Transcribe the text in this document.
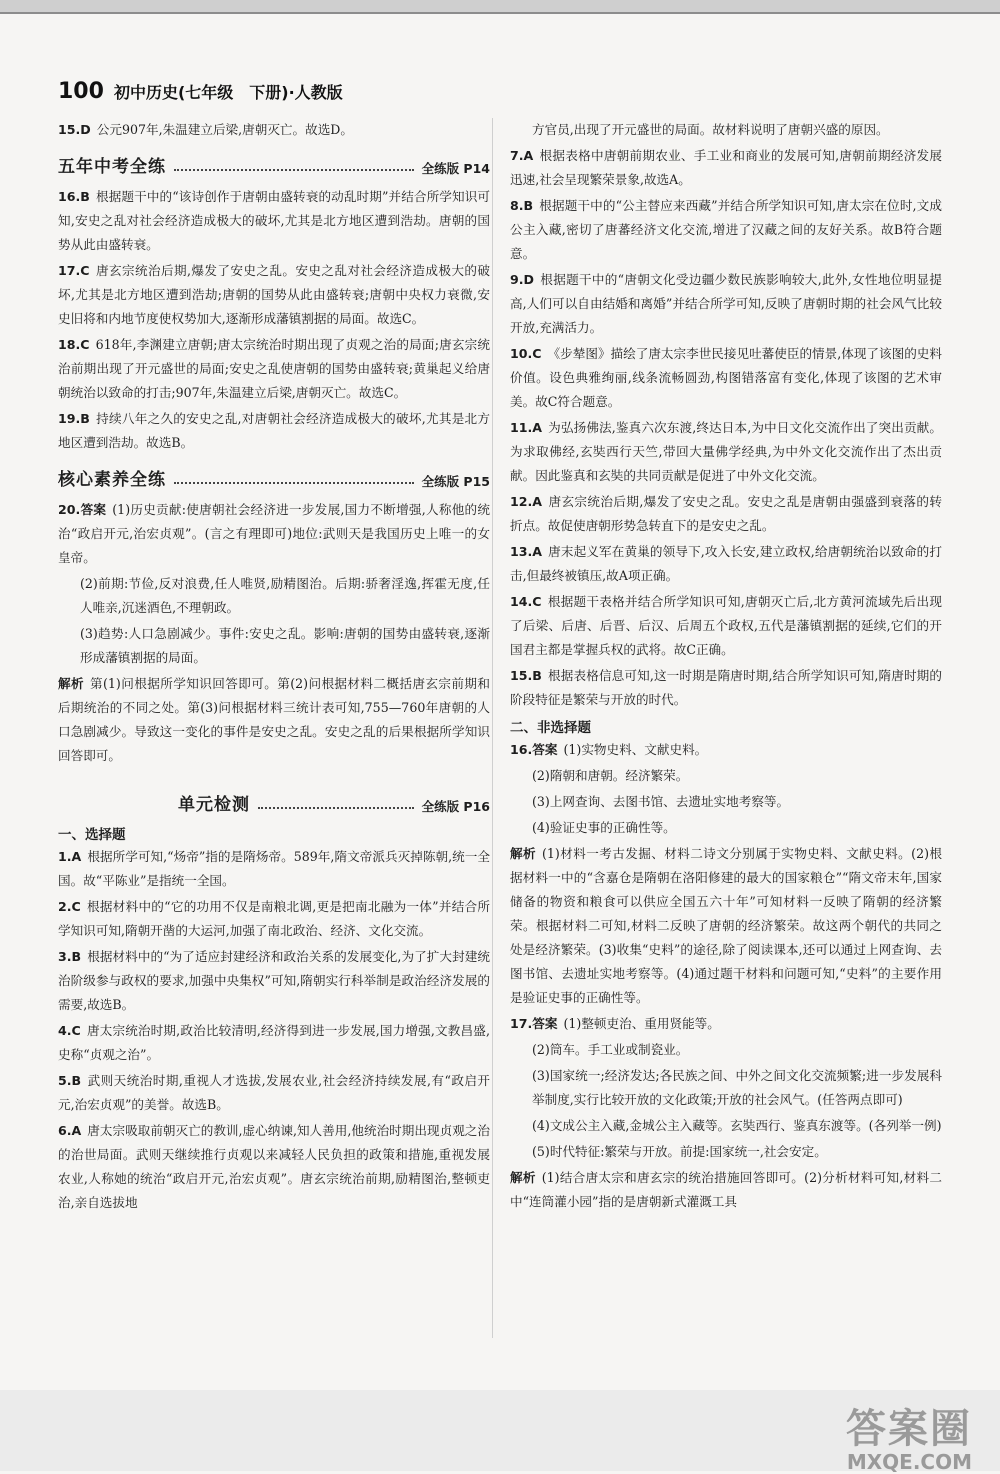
100 初中历史(七年级　下册)·人教版

15.D 公元907年,朱温建立后梁,唐朝灭亡。故选D。

五年中考全练	全练版 P14

16.B 根据题干中的“该诗创作于唐朝由盛转衰的动乱时期”并结合所学知识可知,安史之乱对社会经济造成极大的破坏,尤其是北方地区遭到浩劫。唐朝的国势从此由盛转衰。

17.C 唐玄宗统治后期,爆发了安史之乱。安史之乱对社会经济造成极大的破坏,尤其是北方地区遭到浩劫;唐朝的国势从此由盛转衰;唐朝中央权力衰微,安史旧将和内地节度使权势加大,逐渐形成藩镇割据的局面。故选C。

18.C 618年,李渊建立唐朝;唐太宗统治时期出现了贞观之治的局面;唐玄宗统治前期出现了开元盛世的局面;安史之乱使唐朝的国势由盛转衰;黄巢起义给唐朝统治以致命的打击;907年,朱温建立后梁,唐朝灭亡。故选C。

19.B 持续八年之久的安史之乱,对唐朝社会经济造成极大的破坏,尤其是北方地区遭到浩劫。故选B。

核心素养全练	全练版 P15

20.答案 (1)历史贡献:使唐朝社会经济进一步发展,国力不断增强,人称他的统治“政启开元,治宏贞观”。(言之有理即可)地位:武则天是我国历史上唯一的女皇帝。

(2)前期:节俭,反对浪费,任人唯贤,励精图治。后期:骄奢淫逸,挥霍无度,任人唯亲,沉迷酒色,不理朝政。

(3)趋势:人口急剧减少。事件:安史之乱。影响:唐朝的国势由盛转衰,逐渐形成藩镇割据的局面。

解析 第(1)问根据所学知识回答即可。第(2)问根据材料二概括唐玄宗前期和后期统治的不同之处。第(3)问根据材料三统计表可知,755—760年唐朝的人口急剧减少。导致这一变化的事件是安史之乱。安史之乱的后果根据所学知识回答即可。

单元检测	全练版 P16
一、选择题

1.A 根据所学可知,“炀帝”指的是隋炀帝。589年,隋文帝派兵灭掉陈朝,统一全国。故“平陈业”是指统一全国。

2.C 根据材料中的“它的功用不仅是南粮北调,更是把南北融为一体”并结合所学知识可知,隋朝开凿的大运河,加强了南北政治、经济、文化交流。

3.B 根据材料中的“为了适应封建经济和政治关系的发展变化,为了扩大封建统治阶级参与政权的要求,加强中央集权”可知,隋朝实行科举制是政治经济发展的需要,故选B。

4.C 唐太宗统治时期,政治比较清明,经济得到进一步发展,国力增强,文教昌盛,史称“贞观之治”。

5.B 武则天统治时期,重视人才选拔,发展农业,社会经济持续发展,有“政启开元,治宏贞观”的美誉。故选B。

6.A 唐太宗吸取前朝灭亡的教训,虚心纳谏,知人善用,他统治时期出现贞观之治的治世局面。武则天继续推行贞观以来减轻人民负担的政策和措施,重视发展农业,人称她的统治“政启开元,治宏贞观”。唐玄宗统治前期,励精图治,整顿吏治,亲自选拔地

方官员,出现了开元盛世的局面。故材料说明了唐朝兴盛的原因。

7.A 根据表格中唐朝前期农业、手工业和商业的发展可知,唐朝前期经济发展迅速,社会呈现繁荣景象,故选A。

8.B 根据题干中的“公主替应来西藏”并结合所学知识可知,唐太宗在位时,文成公主入藏,密切了唐蕃经济文化交流,增进了汉藏之间的友好关系。故B符合题意。

9.D 根据题干中的“唐朝文化受边疆少数民族影响较大,此外,女性地位明显提高,人们可以自由结婚和离婚”并结合所学可知,反映了唐朝时期的社会风气比较开放,充满活力。

10.C 《步辇图》描绘了唐太宗李世民接见吐蕃使臣的情景,体现了该图的史料价值。设色典雅绚丽,线条流畅圆劲,构图错落富有变化,体现了该图的艺术审美。故C符合题意。

11.A 为弘扬佛法,鉴真六次东渡,终达日本,为中日文化交流作出了突出贡献。为求取佛经,玄奘西行天竺,带回大量佛学经典,为中外文化交流作出了杰出贡献。因此鉴真和玄奘的共同贡献是促进了中外文化交流。

12.A 唐玄宗统治后期,爆发了安史之乱。安史之乱是唐朝由强盛到衰落的转折点。故促使唐朝形势急转直下的是安史之乱。

13.A 唐末起义军在黄巢的领导下,攻入长安,建立政权,给唐朝统治以致命的打击,但最终被镇压,故A项正确。

14.C 根据题干表格并结合所学知识可知,唐朝灭亡后,北方黄河流域先后出现了后梁、后唐、后晋、后汉、后周五个政权,五代是藩镇割据的延续,它们的开国君主都是掌握兵权的武将。故C正确。

15.B 根据表格信息可知,这一时期是隋唐时期,结合所学知识可知,隋唐时期的阶段特征是繁荣与开放的时代。

二、非选择题

16.答案 (1)实物史料、文献史料。

(2)隋朝和唐朝。经济繁荣。

(3)上网查询、去图书馆、去遗址实地考察等。

(4)验证史事的正确性等。

解析 (1)材料一考古发掘、材料二诗文分别属于实物史料、文献史料。(2)根据材料一中的“含嘉仓是隋朝在洛阳修建的最大的国家粮仓”“隋文帝末年,国家储备的物资和粮食可以供应全国五六十年”可知材料一反映了隋朝的经济繁荣。根据材料二可知,材料二反映了唐朝的经济繁荣。故这两个朝代的共同之处是经济繁荣。(3)收集“史料”的途径,除了阅读课本,还可以通过上网查询、去图书馆、去遗址实地考察等。(4)通过题干材料和问题可知,“史料”的主要作用是验证史事的正确性等。

17.答案 (1)整顿吏治、重用贤能等。

(2)筒车。手工业或制瓷业。

(3)国家统一;经济发达;各民族之间、中外之间文化交流频繁;进一步发展科举制度,实行比较开放的文化政策;开放的社会风气。(任答两点即可)

(4)文成公主入藏,金城公主入藏等。玄奘西行、鉴真东渡等。(各列举一例)

(5)时代特征:繁荣与开放。前提:国家统一,社会安定。

解析 (1)结合唐太宗和唐玄宗的统治措施回答即可。(2)分析材料可知,材料二中“连筒灌小园”指的是唐朝新式灌溉工具

答案圈
MXQE.COM
